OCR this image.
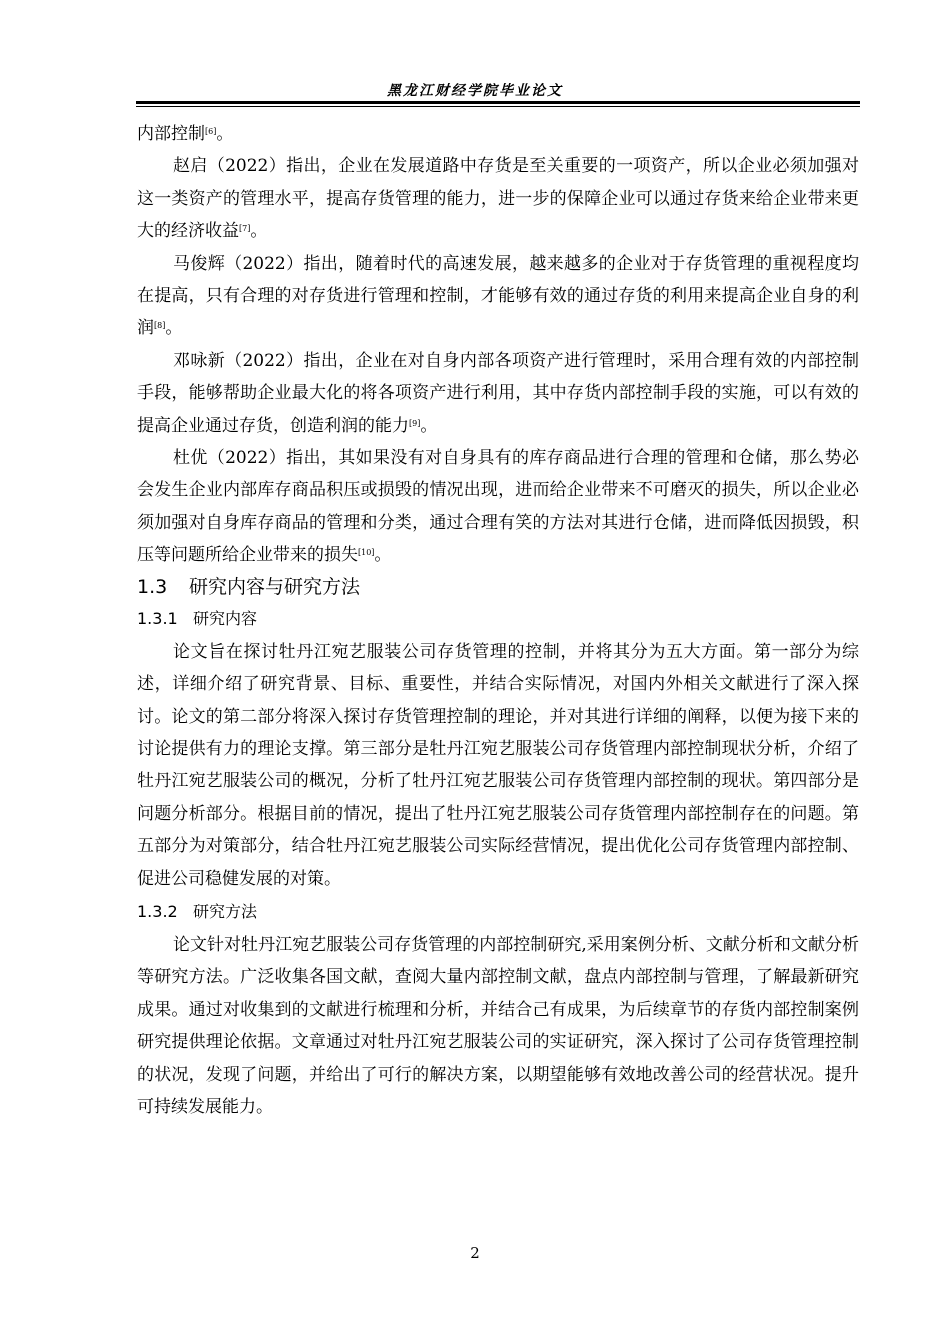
黑龙江财经学院毕业论文

内部控制[6]。

赵启（2022）指出，企业在发展道路中存货是至关重要的一项资产，所以企业必须加强对这一类资产的管理水平，提高存货管理的能力，进一步的保障企业可以通过存货来给企业带来更大的经济收益[7]。

马俊辉（2022）指出，随着时代的高速发展，越来越多的企业对于存货管理的重视程度均在提高，只有合理的对存货进行管理和控制，才能够有效的通过存货的利用来提高企业自身的利润[8]。

邓咏新（2022）指出，企业在对自身内部各项资产进行管理时，采用合理有效的内部控制手段，能够帮助企业最大化的将各项资产进行利用，其中存货内部控制手段的实施，可以有效的提高企业通过存货，创造利润的能力[9]。

杜优（2022）指出，其如果没有对自身具有的库存商品进行合理的管理和仓储，那么势必会发生企业内部库存商品积压或损毁的情况出现，进而给企业带来不可磨灭的损失，所以企业必须加强对自身库存商品的管理和分类，通过合理有笑的方法对其进行仓储，进而降低因损毁，积压等问题所给企业带来的损失[10]。

1.3 研究内容与研究方法
1.3.1 研究内容

论文旨在探讨牡丹江宛艺服装公司存货管理的控制，并将其分为五大方面。第一部分为综述，详细介绍了研究背景、目标、重要性，并结合实际情况，对国内外相关文献进行了深入探讨。论文的第二部分将深入探讨存货管理控制的理论，并对其进行详细的阐释，以便为接下来的讨论提供有力的理论支撑。第三部分是牡丹江宛艺服装公司存货管理内部控制现状分析，介绍了牡丹江宛艺服装公司的概况，分析了牡丹江宛艺服装公司存货管理内部控制的现状。第四部分是问题分析部分。根据目前的情况，提出了牡丹江宛艺服装公司存货管理内部控制存在的问题。第五部分为对策部分，结合牡丹江宛艺服装公司实际经营情况，提出优化公司存货管理内部控制、促进公司稳健发展的对策。

1.3.2 研究方法

论文针对牡丹江宛艺服装公司存货管理的内部控制研究,采用案例分析、文献分析和文献分析等研究方法。广泛收集各国文献，查阅大量内部控制文献，盘点内部控制与管理，了解最新研究成果。通过对收集到的文献进行梳理和分析，并结合己有成果，为后续章节的存货内部控制案例研究提供理论依据。文章通过对牡丹江宛艺服装公司的实证研究，深入探讨了公司存货管理控制的状况，发现了问题，并给出了可行的解决方案，以期望能够有效地改善公司的经营状况。提升可持续发展能力。

2
